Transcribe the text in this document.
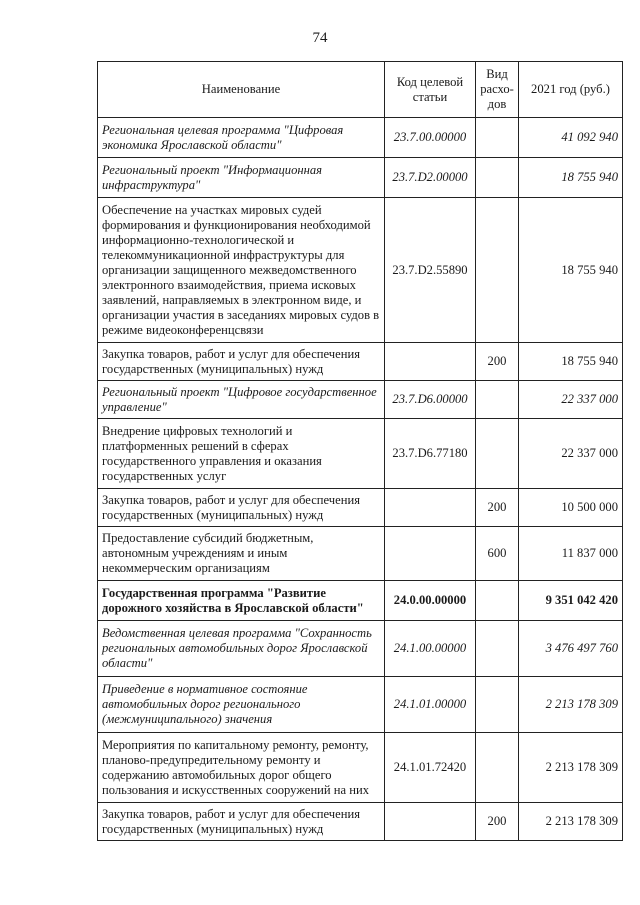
74
Наименование	Код целевой статьи	Вид расхо-дов	2021 год (руб.)
Региональная целевая программа "Цифровая экономика Ярославской области"	23.7.00.00000		41 092 940
Региональный проект "Информационная инфраструктура"	23.7.D2.00000		18 755 940
Обеспечение на участках мировых судей формирования и функционирования необходимой информационно-технологической и телекоммуникационной инфраструктуры для организации защищенного межведомственного электронного взаимодействия, приема исковых заявлений, направляемых в электронном виде, и организации участия в заседаниях мировых судов в режиме видеоконференцсвязи	23.7.D2.55890		18 755 940
Закупка товаров, работ и услуг для обеспечения государственных (муниципальных) нужд		200	18 755 940
Региональный проект "Цифровое государственное управление"	23.7.D6.00000		22 337 000
Внедрение цифровых технологий и платформенных решений в сферах государственного управления и оказания государственных услуг	23.7.D6.77180		22 337 000
Закупка товаров, работ и услуг для обеспечения государственных (муниципальных) нужд		200	10 500 000
Предоставление субсидий бюджетным, автономным учреждениям и иным некоммерческим организациям		600	11 837 000
Государственная программа "Развитие дорожного хозяйства в Ярославской области"	24.0.00.00000		9 351 042 420
Ведомственная целевая программа "Сохранность региональных автомобильных дорог Ярославской области"	24.1.00.00000		3 476 497 760
Приведение в нормативное состояние автомобильных дорог регионального (межмуниципального) значения	24.1.01.00000		2 213 178 309
Мероприятия по капитальному ремонту, ремонту, планово-предупредительному ремонту и содержанию автомобильных дорог общего пользования и искусственных сооружений на них	24.1.01.72420		2 213 178 309
Закупка товаров, работ и услуг для обеспечения государственных (муниципальных) нужд		200	2 213 178 309
